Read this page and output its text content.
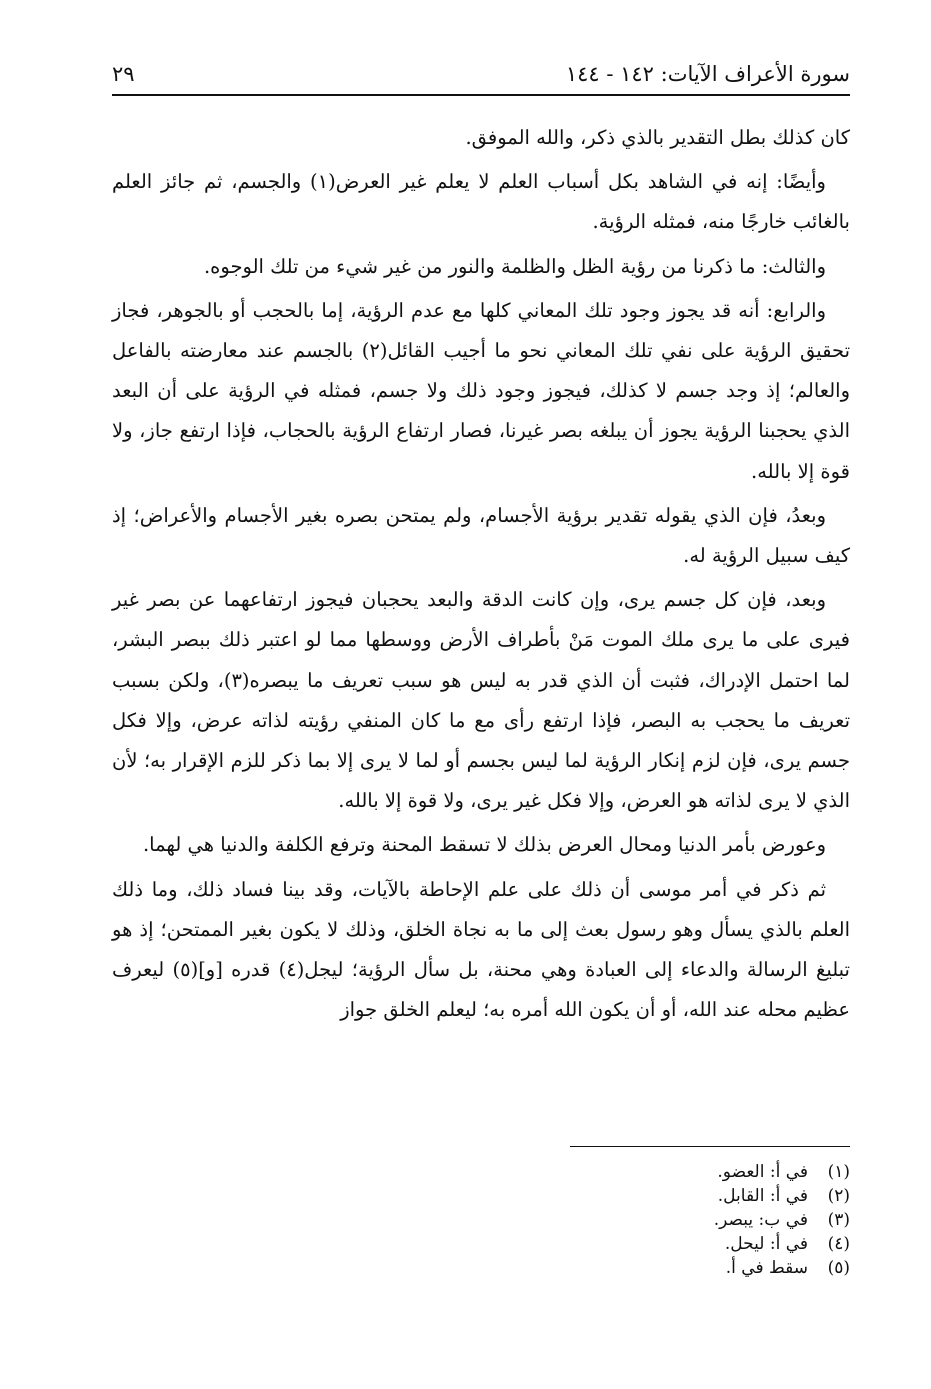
٢٩	سورة الأعراف الآيات: ١٤٢ - ١٤٤

كان كذلك بطل التقدير بالذي ذكر، والله الموفق.

وأيضًا: إنه في الشاهد بكل أسباب العلم لا يعلم غير العرض(١) والجسم، ثم جائز العلم بالغائب خارجًا منه، فمثله الرؤية.

والثالث: ما ذكرنا من رؤية الظل والظلمة والنور من غير شيء من تلك الوجوه.

والرابع: أنه قد يجوز وجود تلك المعاني كلها مع عدم الرؤية، إما بالحجب أو بالجوهر، فجاز تحقيق الرؤية على نفي تلك المعاني نحو ما أجيب القائل(٢) بالجسم عند معارضته بالفاعل والعالم؛ إذ وجد جسم لا كذلك، فيجوز وجود ذلك ولا جسم، فمثله في الرؤية على أن البعد الذي يحجبنا الرؤية يجوز أن يبلغه بصر غيرنا، فصار ارتفاع الرؤية بالحجاب، فإذا ارتفع جاز، ولا قوة إلا بالله.

وبعدُ، فإن الذي يقوله تقدير برؤية الأجسام، ولم يمتحن بصره بغير الأجسام والأعراض؛ إذ كيف سبيل الرؤية له.

وبعد، فإن كل جسم يرى، وإن كانت الدقة والبعد يحجبان فيجوز ارتفاعهما عن بصر غير فيرى على ما يرى ملك الموت مَنْ بأطراف الأرض ووسطها مما لو اعتبر ذلك ببصر البشر، لما احتمل الإدراك، فثبت أن الذي قدر به ليس هو سبب تعريف ما يبصره(٣)، ولكن بسبب تعريف ما يحجب به البصر، فإذا ارتفع رأى مع ما كان المنفي رؤيته لذاته عرض، وإلا فكل جسم يرى، فإن لزم إنكار الرؤية لما ليس بجسم أو لما لا يرى إلا بما ذكر للزم الإقرار به؛ لأن الذي لا يرى لذاته هو العرض، وإلا فكل غير يرى، ولا قوة إلا بالله.

وعورض بأمر الدنيا ومحال العرض بذلك لا تسقط المحنة وترفع الكلفة والدنيا هي لهما.

ثم ذكر في أمر موسى أن ذلك على علم الإحاطة بالآيات، وقد بينا فساد ذلك، وما ذلك العلم بالذي يسأل وهو رسول بعث إلى ما به نجاة الخلق، وذلك لا يكون بغير الممتحن؛ إذ هو تبليغ الرسالة والدعاء إلى العبادة وهي محنة، بل سأل الرؤية؛ ليجل(٤) قدره [و](٥) ليعرف عظيم محله عند الله، أو أن يكون الله أمره به؛ ليعلم الخلق جواز

(١)
في أ: العضو.
(٢)
في أ: القابل.
(٣)
في ب: يبصر.
(٤)
في أ: ليحل.
(٥)
سقط في أ.
